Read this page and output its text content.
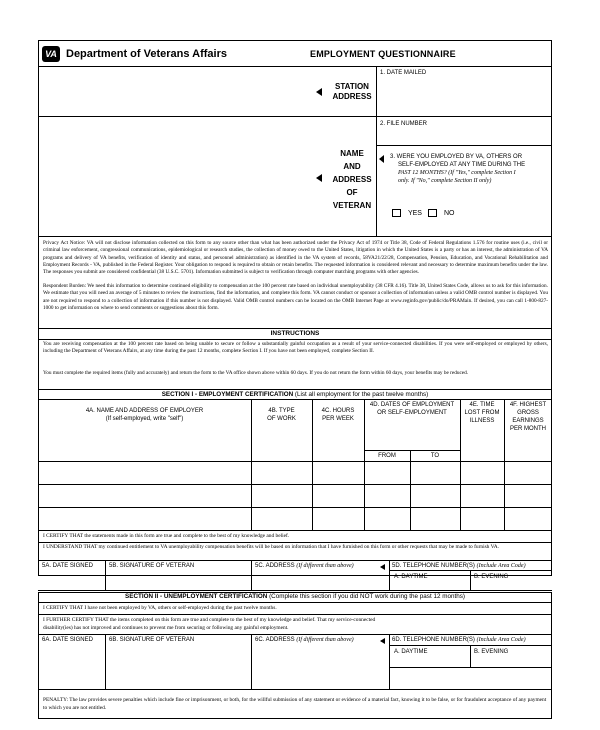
VA Department of Veterans Affairs	EMPLOYMENT QUESTIONNAIRE
STATION
ADDRESS
NAME
AND
ADDRESS
OF
VETERAN
1. DATE MAILED
2. FILE NUMBER
3. WERE YOU EMPLOYED BY VA, OTHERS OR
SELF-EMPLOYED AT ANY TIME DURING THE
PAST 12 MONTHS? (If "Yes," complete Section I
only. If "No," complete Section II only)
YES	NO
Privacy Act Notice: VA will not disclose information collected on this form to any source other than what has been authorized under the Privacy Act of 1974 or Title 38, Code of Federal Regulations 1.576 for routine uses (i.e., civil or criminal law enforcement, congressional communications, epidemiological or research studies, the collection of money owed to the United States, litigation in which the United States is a party or has an interest, the administration of VA programs and delivery of VA benefits, verification of identity and status, and personnel administration) as identified in the VA system of records, 58VA21/22/28, Compensation, Pension, Education, and Vocational Rehabilitation and Employment Records - VA, published in the Federal Register. Your obligation to respond is required to obtain or retain benefits. The requested information is considered relevant and necessary to determine maximum benefits under the law. The responses you submit are considered confidential (38 U.S.C. 5701). Information submitted is subject to verification through computer matching programs with other agencies.
Respondent Burden: We need this information to determine continued eligibility to compensation at the 100 percent rate based on individual unemployability (38 CFR 4.16). Title 38, United States Code, allows us to ask for this information. We estimate that you will need an average of 5 minutes to review the instructions, find the information, and complete this form. VA cannot conduct or sponsor a collection of information unless a valid OMB control number is displayed. You are not required to respond to a collection of information if this number is not displayed. Valid OMB control numbers can be located on the OMB Internet Page at www.reginfo.gov/public/do/PRAMain. If desired, you can call 1-800-827-1000 to get information on where to send comments or suggestions about this form.
INSTRUCTIONS
You are receiving compensation at the 100 percent rate based on being unable to secure or follow a substantially gainful occupation as a result of your service-connected disabilities. If you were self-employed or employed by others, including the Department of Veterans Affairs, at any time during the past 12 months, complete Section I. If you have not been employed, complete Section II.
You must complete the required items (fully and accurately) and return the form to the VA office shown above within 60 days. If you do not return the form within 60 days, your benefits may be reduced.
SECTION I - EMPLOYMENT CERTIFICATION (List all employment for the past twelve months)
4A. NAME AND ADDRESS OF EMPLOYER
(If self-employed, write "self")
4B. TYPE
OF WORK
4C. HOURS
PER WEEK
4D. DATES OF EMPLOYMENT
OR SELF-EMPLOYMENT
FROM	TO
4E. TIME
LOST FROM
ILLNESS
4F. HIGHEST
GROSS
EARNINGS
PER MONTH
I CERTIFY THAT the statements made in this form are true and complete to the best of my knowledge and belief.
I UNDERSTAND THAT my continued entitlement to VA unemployability compensation benefits will be based on information that I have furnished on this form or other requests that may be made to furnish VA.
5A. DATE SIGNED	5B. SIGNATURE OF VETERAN	5C. ADDRESS (If different than above)	5D. TELEPHONE NUMBER(S) (Include Area Code)
A. DAYTIME	B. EVENING
SECTION II - UNEMPLOYMENT CERTIFICATION (Complete this section if you did NOT work during the past 12 months)
I CERTIFY THAT I have not been employed by VA, others or self-employed during the past twelve months.
I FURTHER CERTIFY THAT the items completed on this form are true and complete to the best of my knowledge and belief. That my service-connected
disability(ies) has not improved and continues to prevent me from securing or following any gainful employment.
6A. DATE SIGNED	6B. SIGNATURE OF VETERAN	6C. ADDRESS (If different than above)	6D. TELEPHONE NUMBER(S) (Include Area Code)
A. DAYTIME	B. EVENING
PENALTY: The law provides severe penalties which include fine or imprisonment, or both, for the willful submission of any statement or evidence of a material fact, knowing it to be false, or for fraudulent acceptance of any payment to which you are not entitled.
